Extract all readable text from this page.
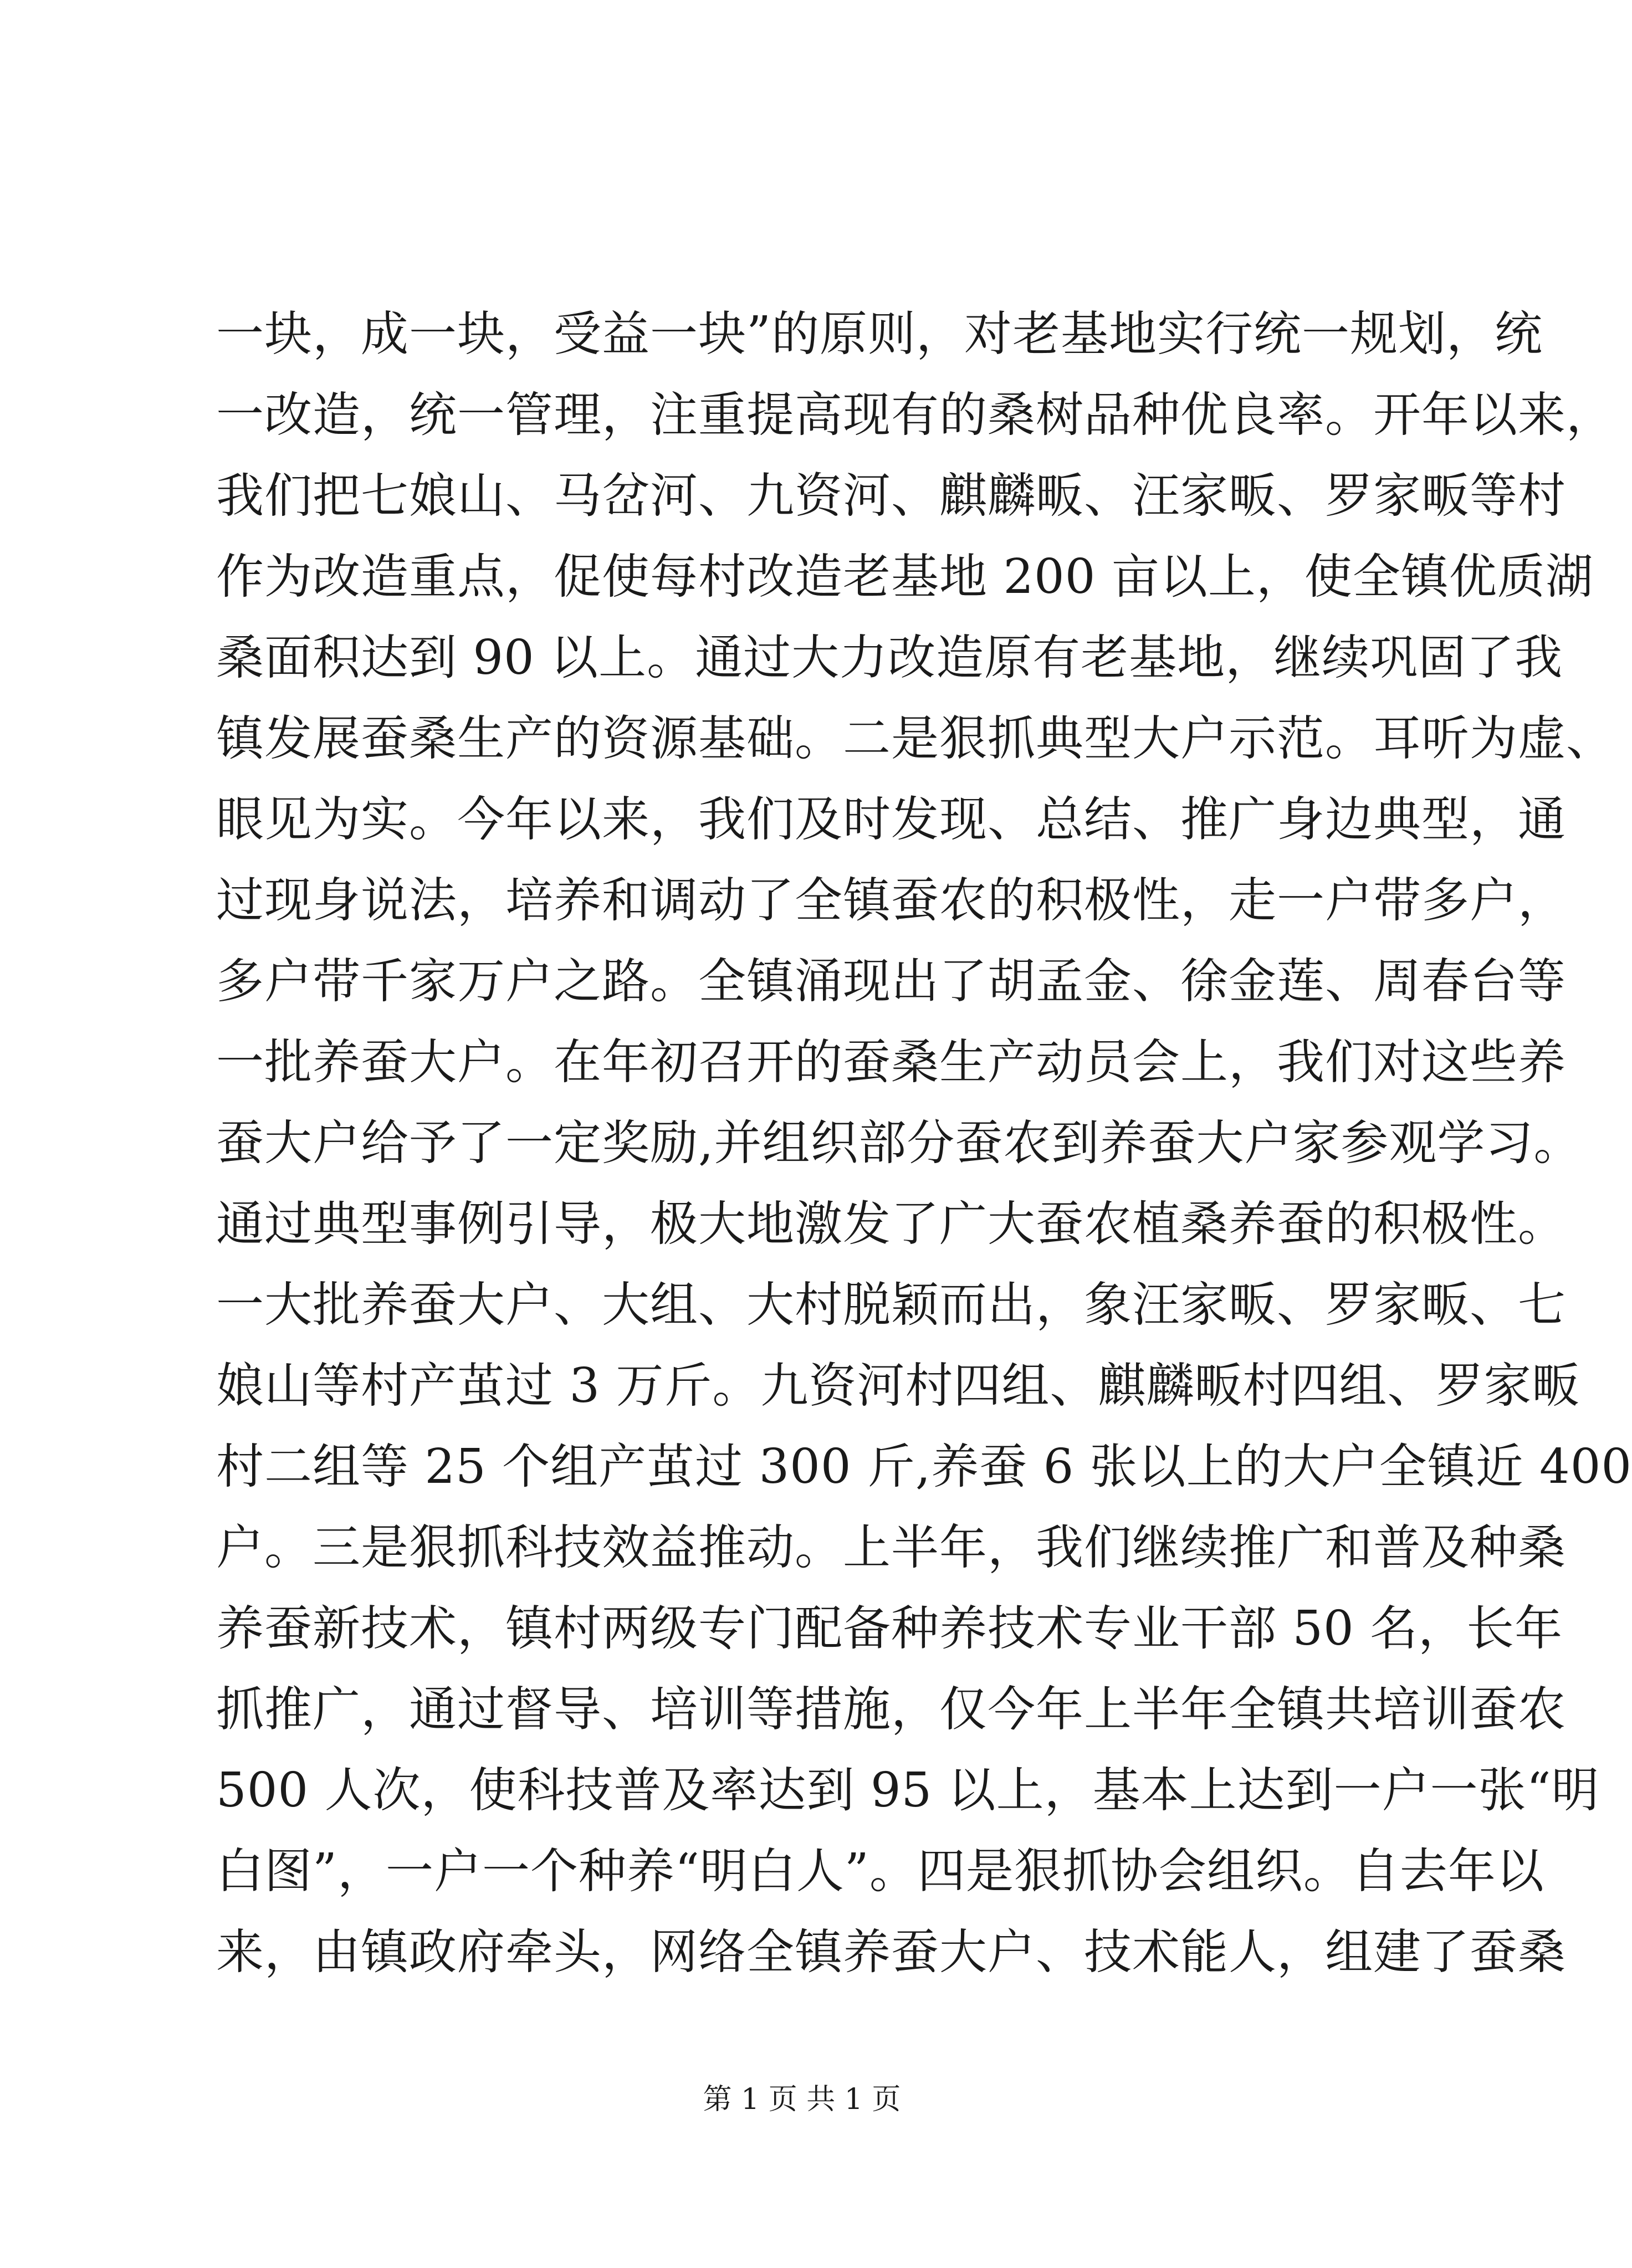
一块，成一块，受益一块”的原则，对老基地实行统一规划，统
一改造，统一管理，注重提高现有的桑树品种优良率。开年以来，
我们把七娘山、马岔河、九资河、麒麟畈、汪家畈、罗家畈等村
作为改造重点，促使每村改造老基地 200 亩以上，使全镇优质湖
桑面积达到 90 以上。通过大力改造原有老基地，继续巩固了我
镇发展蚕桑生产的资源基础。二是狠抓典型大户示范。耳听为虚、
眼见为实。今年以来，我们及时发现、总结、推广身边典型，通
过现身说法，培养和调动了全镇蚕农的积极性，走一户带多户，
多户带千家万户之路。全镇涌现出了胡孟金、徐金莲、周春台等
一批养蚕大户。在年初召开的蚕桑生产动员会上，我们对这些养
蚕大户给予了一定奖励,并组织部分蚕农到养蚕大户家参观学习。
通过典型事例引导，极大地激发了广大蚕农植桑养蚕的积极性。
一大批养蚕大户、大组、大村脱颖而出，象汪家畈、罗家畈、七
娘山等村产茧过 3 万斤。九资河村四组、麒麟畈村四组、罗家畈
村二组等 25 个组产茧过 300 斤,养蚕 6 张以上的大户全镇近 400
户。三是狠抓科技效益推动。上半年，我们继续推广和普及种桑
养蚕新技术，镇村两级专门配备种养技术专业干部 50 名，长年
抓推广，通过督导、培训等措施，仅今年上半年全镇共培训蚕农
500 人次，使科技普及率达到 95 以上，基本上达到一户一张“明
白图”，一户一个种养“明白人”。四是狠抓协会组织。自去年以
来，由镇政府牵头，网络全镇养蚕大户、技术能人，组建了蚕桑
第 1 页 共 1 页
